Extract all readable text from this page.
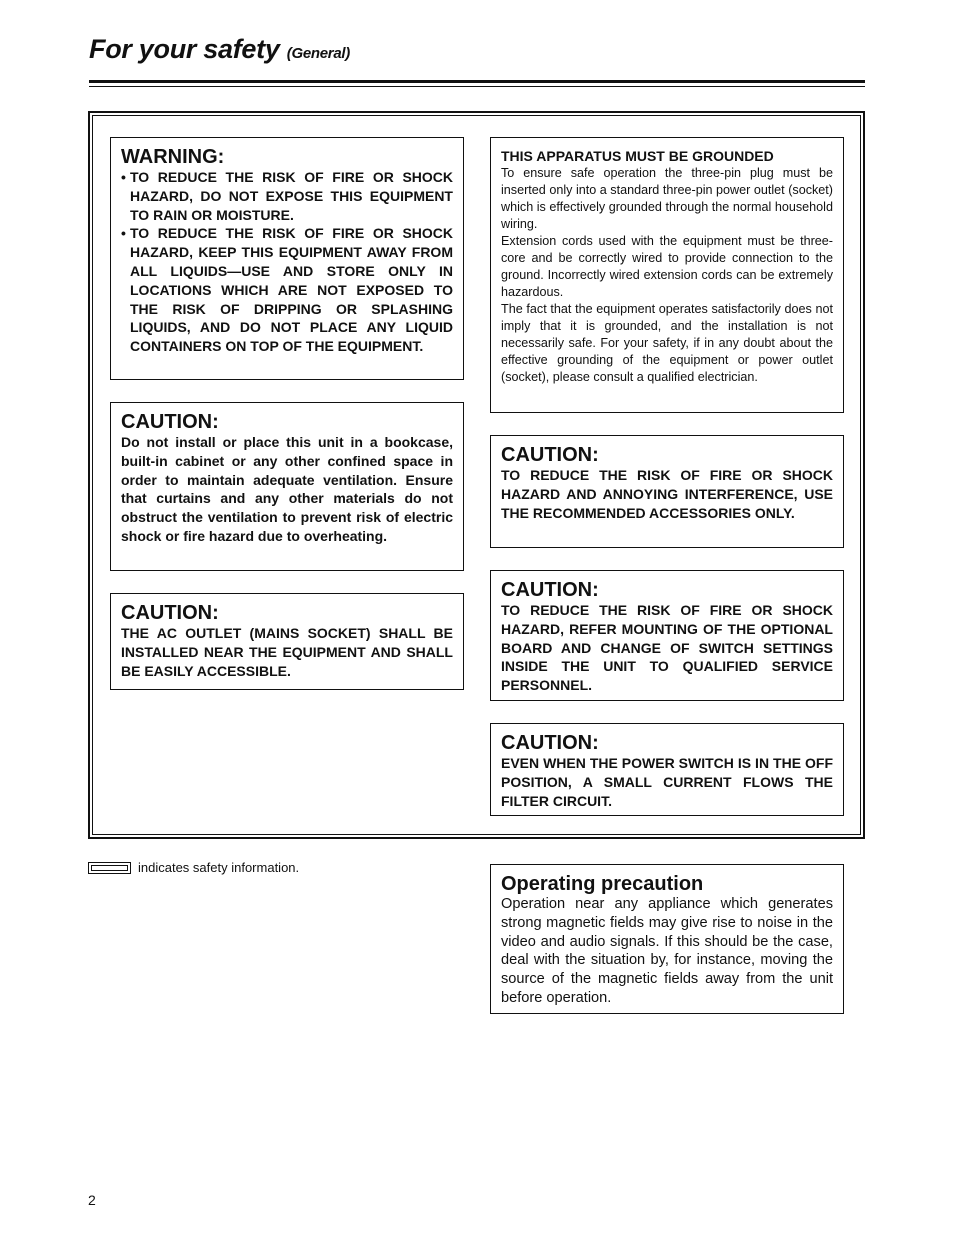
For your safety (General)
WARNING:
• TO REDUCE THE RISK OF FIRE OR SHOCK HAZARD, DO NOT EXPOSE THIS EQUIPMENT TO RAIN OR MOISTURE.
• TO REDUCE THE RISK OF FIRE OR SHOCK HAZARD, KEEP THIS EQUIPMENT AWAY FROM ALL LIQUIDS—USE AND STORE ONLY IN LOCATIONS WHICH ARE NOT EXPOSED TO THE RISK OF DRIPPING OR SPLASHING LIQUIDS, AND DO NOT PLACE ANY LIQUID CONTAINERS ON TOP OF THE EQUIPMENT.
CAUTION:
Do not install or place this unit in a bookcase, built-in cabinet or any other confined space in order to maintain adequate ventilation. Ensure that curtains and any other materials do not obstruct the ventilation to prevent risk of electric shock or fire hazard due to overheating.
CAUTION:
THE AC OUTLET (MAINS SOCKET) SHALL BE INSTALLED NEAR THE EQUIPMENT AND SHALL BE EASILY ACCESSIBLE.
THIS APPARATUS MUST BE GROUNDED
To ensure safe operation the three-pin plug must be inserted only into a standard three-pin power outlet (socket) which is effectively grounded through the normal household wiring.
Extension cords used with the equipment must be three-core and be correctly wired to provide connection to the ground. Incorrectly wired extension cords can be extremely hazardous.
The fact that the equipment operates satisfactorily does not imply that it is grounded, and the installation is not necessarily safe. For your safety, if in any doubt about the effective grounding of the equipment or power outlet (socket), please consult a qualified electrician.
CAUTION:
TO REDUCE THE RISK OF FIRE OR SHOCK HAZARD AND ANNOYING INTERFERENCE, USE THE RECOMMENDED ACCESSORIES ONLY.
CAUTION:
TO REDUCE THE RISK OF FIRE OR SHOCK HAZARD, REFER MOUNTING OF THE OPTIONAL BOARD AND CHANGE OF SWITCH SETTINGS INSIDE THE UNIT TO QUALIFIED SERVICE PERSONNEL.
CAUTION:
EVEN WHEN THE POWER SWITCH IS IN THE OFF POSITION, A SMALL CURRENT FLOWS THE FILTER CIRCUIT.
indicates safety information.
Operating precaution
Operation near any appliance which generates strong magnetic fields may give rise to noise in the video and audio signals. If this should be the case, deal with the situation by, for instance, moving the source of the magnetic fields away from the unit before operation.
2
